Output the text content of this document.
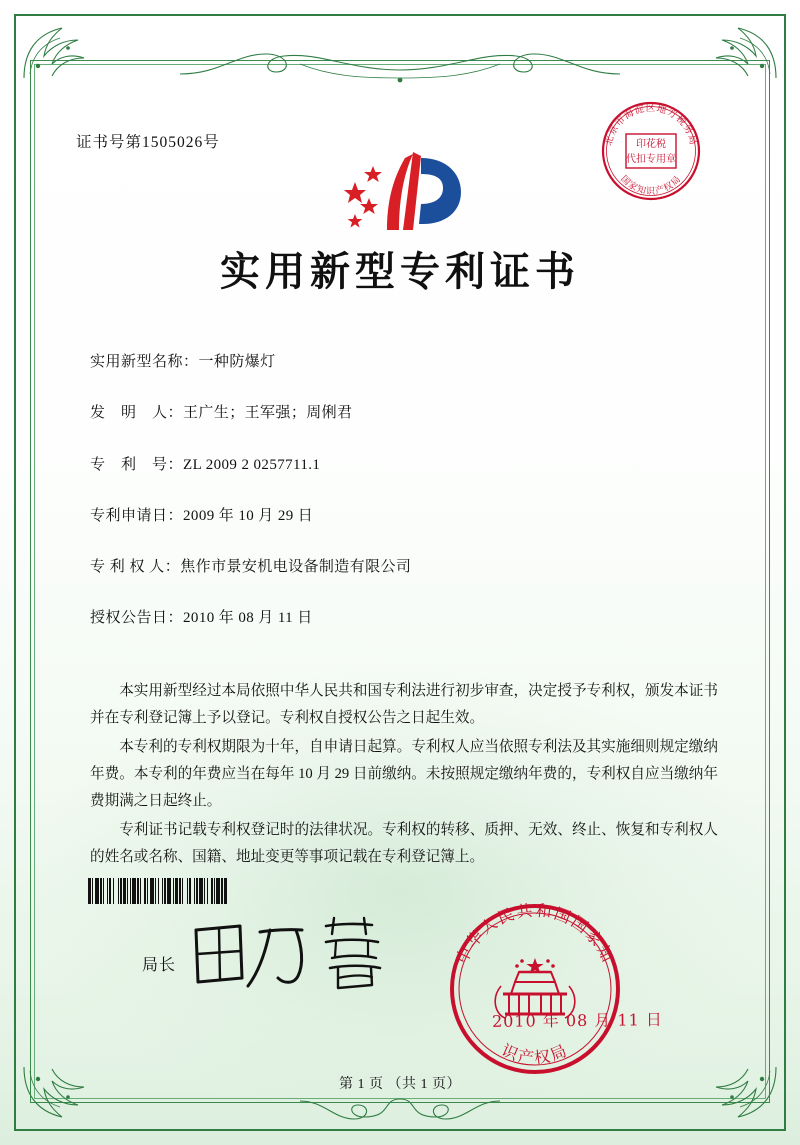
证书号第1505026号	北京市海淀区地方税务局
国家知识产权局
印花税
代扣专用章
实用新型专利证书
实用新型名称：一种防爆灯
发　明　人：王广生；王军强；周俐君
专　利　号：ZL 2009 2 0257711.1
专利申请日：2009 年 10 月 29 日
专 利 权 人：焦作市景安机电设备制造有限公司
授权公告日：2010 年 08 月 11 日

本实用新型经过本局依照中华人民共和国专利法进行初步审查，决定授予专利权，颁发本证书并在专利登记簿上予以登记。专利权自授权公告之日起生效。

本专利的专利权期限为十年，自申请日起算。专利权人应当依照专利法及其实施细则规定缴纳年费。本专利的年费应当在每年 10 月 29 日前缴纳。未按照规定缴纳年费的，专利权自应当缴纳年费期满之日起终止。

专利证书记载专利权登记时的法律状况。专利权的转移、质押、无效、终止、恢复和专利权人的姓名或名称、国籍、地址变更等事项记载在专利登记簿上。

局长	中华人民共和国国家知
识产权局
2010 年 08 月 11 日
第 1 页 （共 1 页）
